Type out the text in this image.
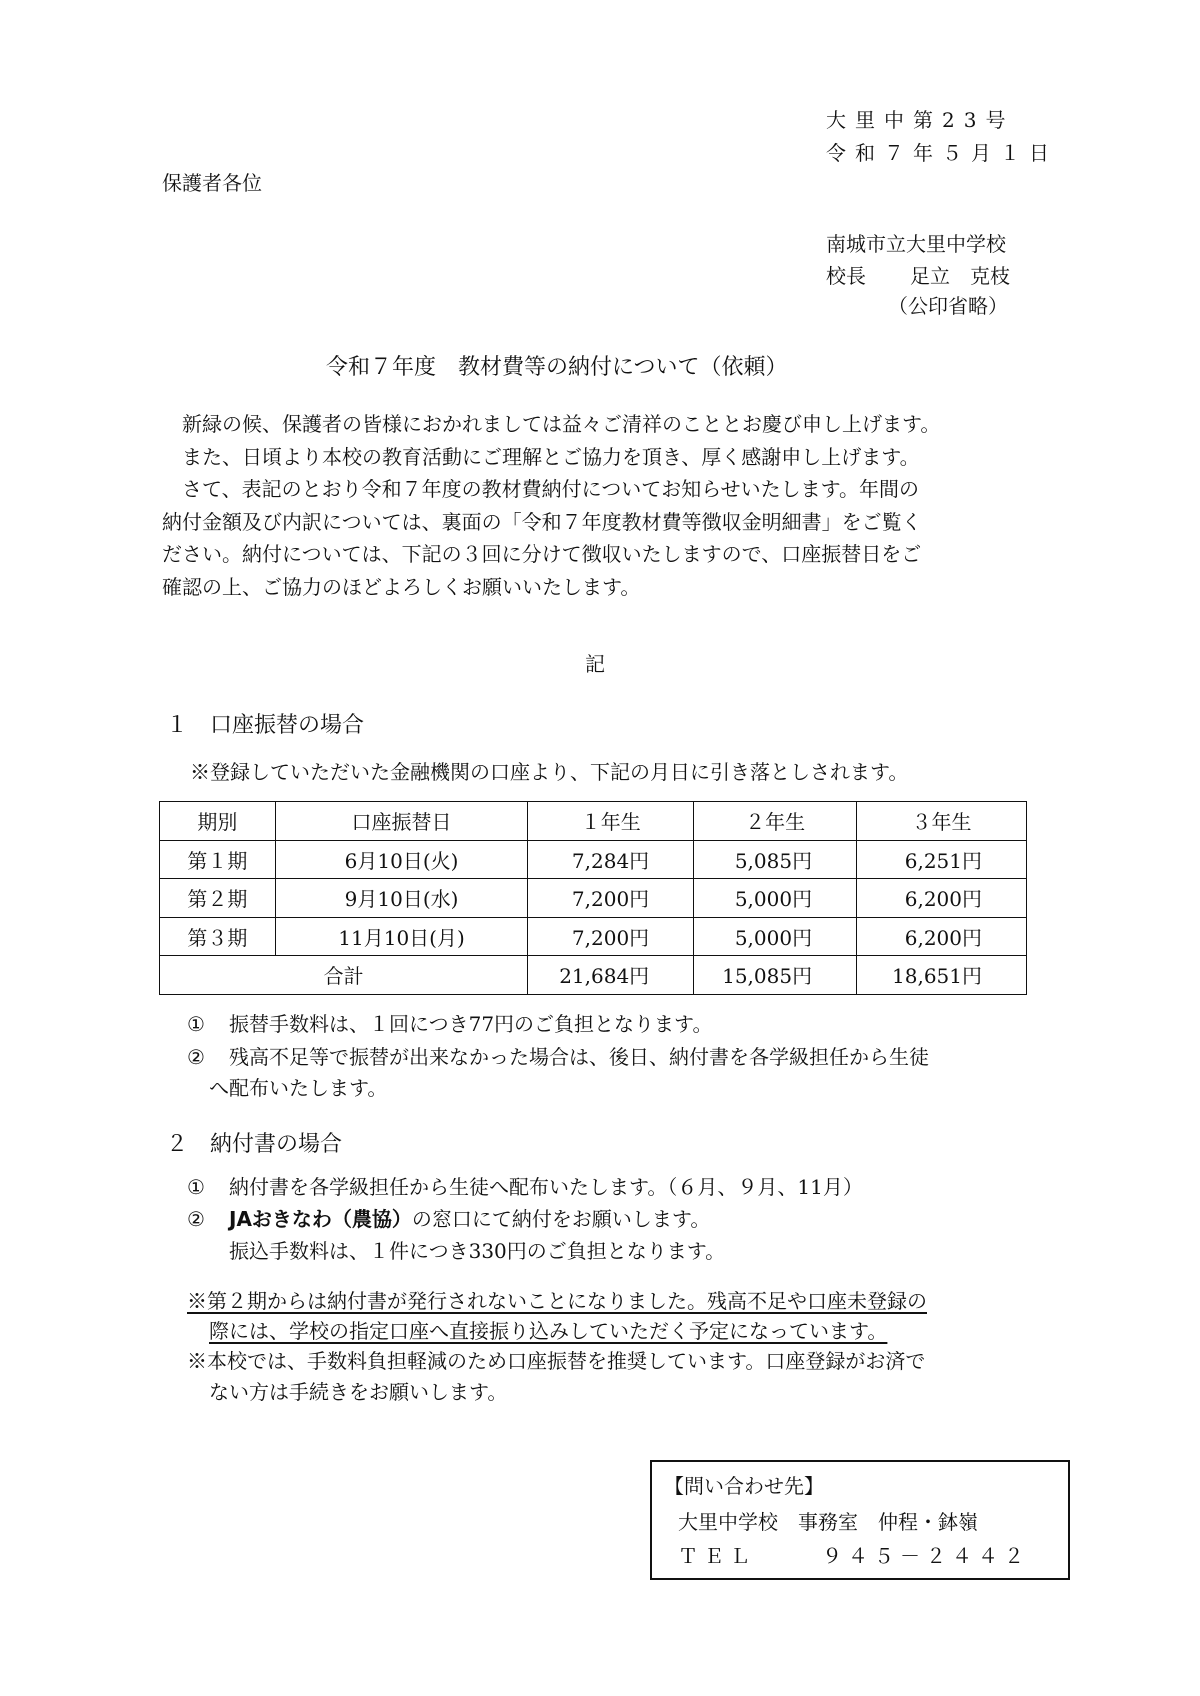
大里中第23号
令和７年５月１日
保護者各位
南城市立大里中学校
校長 足立　克枝
（公印省略）
令和７年度　教材費等の納付について（依頼）

新緑の候、保護者の皆様におかれましては益々ご清祥のこととお慶び申し上げます。

また、日頃より本校の教育活動にご理解とご協力を頂き、厚く感謝申し上げます。

さて、表記のとおり令和７年度の教材費納付についてお知らせいたします。年間の

納付金額及び内訳については、裏面の「令和７年度教材費等徴収金明細書」をご覧く

ださい。納付については、下記の３回に分けて徴収いたしますので、口座振替日をご

確認の上、ご協力のほどよろしくお願いいたします。

記
１　口座振替の場合
※登録していただいた金融機関の口座より、下記の月日に引き落としされます。
期別	口座振替日	１年生	２年生	３年生
第１期	6月10日(火)	7,284円	5,085円	6,251円
第２期	9月10日(水)	7,200円	5,000円	6,200円
第３期	11月10日(月)	7,200円	5,000円	6,200円
合計		21,684円	15,085円	18,651円
① 振替手数料は、１回につき77円のご負担となります。
② 残高不足等で振替が出来なかった場合は、後日、納付書を各学級担任から生徒
へ配布いたします。
２　納付書の場合
① 納付書を各学級担任から生徒へ配布いたします。（６月、９月、11月）
② JAおきなわ（農協）の窓口にて納付をお願いします。
振込手数料は、１件につき330円のご負担となります。
※第２期からは納付書が発行されないことになりました。残高不足や口座未登録の
際には、学校の指定口座へ直接振り込みしていただく予定になっています。
※本校では、手数料負担軽減のため口座振替を推奨しています。口座登録がお済で
ない方は手続きをお願いします。
【問い合わせ先】
大里中学校　事務室　仲程・鉢嶺
ＴＥＬ	９４５－２４４２
